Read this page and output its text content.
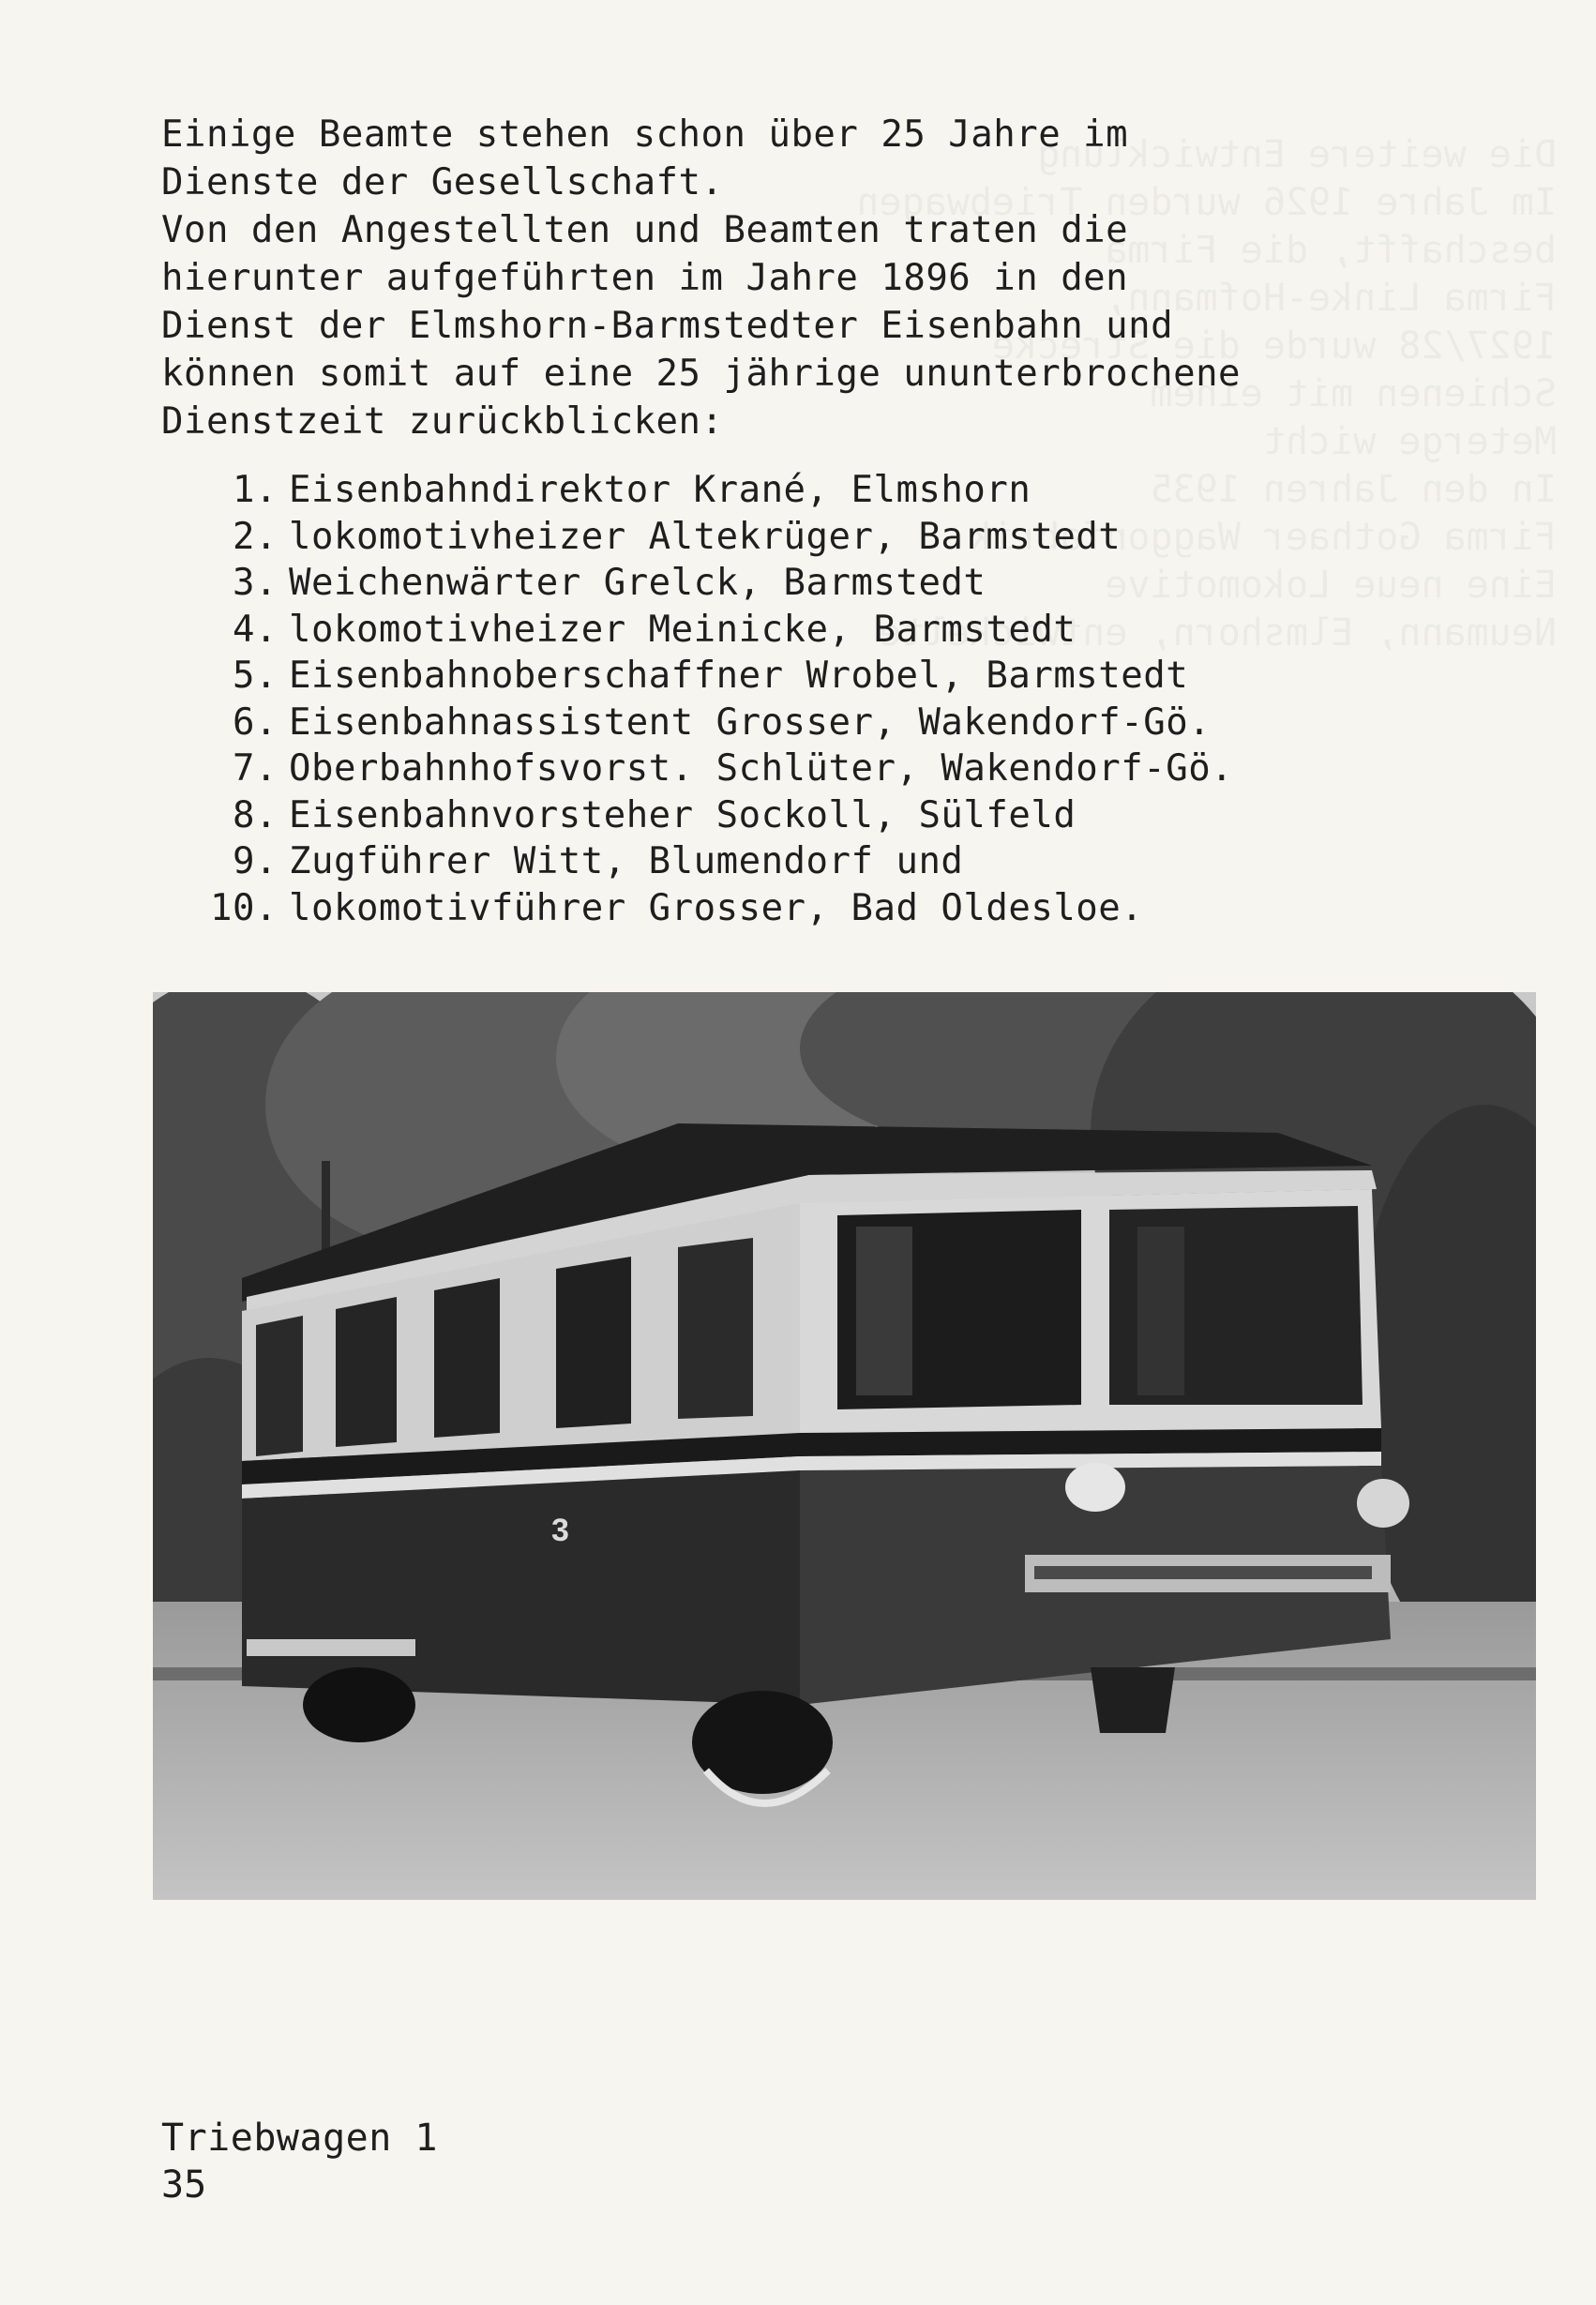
Einige Beamte stehen schon über 25 Jahre im

Dienste der Gesellschaft.

Von den Angestellten und Beamten traten die

hierunter aufgeführten im Jahre 1896 in den

Dienst der Elmshorn-Barmstedter Eisenbahn und

können somit auf eine 25 jährige ununterbrochene

Dienstzeit zurückblicken:

1. Eisenbahndirektor Krané, Elmshorn
2. lokomotivheizer Altekrüger, Barmstedt
3. Weichenwärter Grelck, Barmstedt
4. lokomotivheizer Meinicke, Barmstedt
5. Eisenbahnoberschaffner Wrobel, Barmstedt
6. Eisenbahnassistent Grosser, Wakendorf-Gö.
7. Oberbahnhofsvorst. Schlüter, Wakendorf-Gö.
8. Eisenbahnvorsteher Sockoll, Sülfeld
9. Zugführer Witt, Blumendorf und
10. lokomotivführer Grosser, Bad Oldesloe.
3
Triebwagen 1
35
